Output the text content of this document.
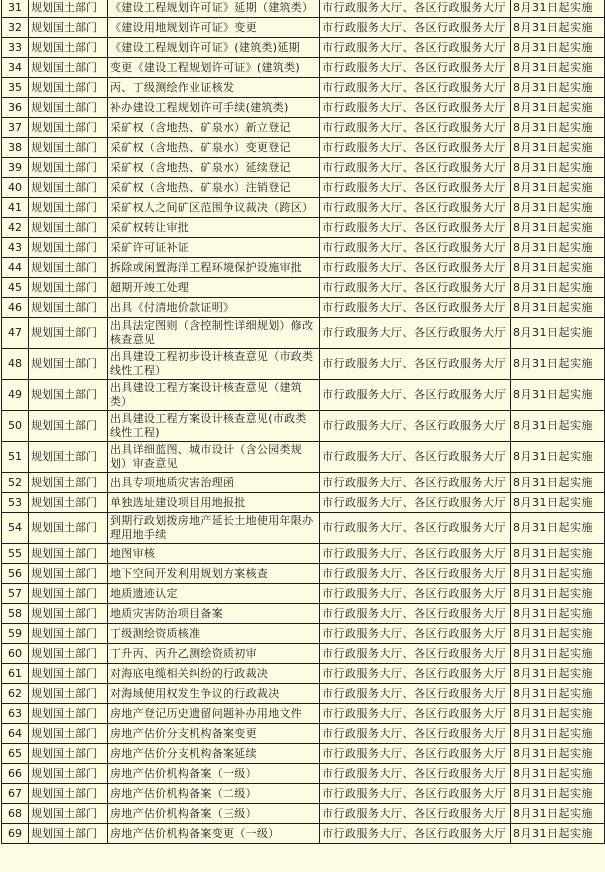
31	规划国土部门	《建设工程规划许可证》延期（建筑类）	市行政服务大厅、各区行政服务大厅	8月31日起实施
32	规划国土部门	《建设用地规划许可证》变更	市行政服务大厅、各区行政服务大厅	8月31日起实施
33	规划国土部门	《建设工程规划许可证》(建筑类)延期	市行政服务大厅、各区行政服务大厅	8月31日起实施
34	规划国土部门	变更《建设工程规划许可证》(建筑类)	市行政服务大厅、各区行政服务大厅	8月31日起实施
35	规划国土部门	丙、丁级测绘作业证核发	市行政服务大厅、各区行政服务大厅	8月31日起实施
36	规划国土部门	补办建设工程规划许可手续(建筑类)	市行政服务大厅、各区行政服务大厅	8月31日起实施
37	规划国土部门	采矿权（含地热、矿泉水）新立登记	市行政服务大厅、各区行政服务大厅	8月31日起实施
38	规划国土部门	采矿权（含地热、矿泉水）变更登记	市行政服务大厅、各区行政服务大厅	8月31日起实施
39	规划国土部门	采矿权（含地热、矿泉水）延续登记	市行政服务大厅、各区行政服务大厅	8月31日起实施
40	规划国土部门	采矿权（含地热、矿泉水）注销登记	市行政服务大厅、各区行政服务大厅	8月31日起实施
41	规划国土部门	采矿权人之间矿区范围争议裁决（跨区）	市行政服务大厅、各区行政服务大厅	8月31日起实施
42	规划国土部门	采矿权转让审批	市行政服务大厅、各区行政服务大厅	8月31日起实施
43	规划国土部门	采矿许可证补证	市行政服务大厅、各区行政服务大厅	8月31日起实施
44	规划国土部门	拆除或闲置海洋工程环境保护设施审批	市行政服务大厅、各区行政服务大厅	8月31日起实施
45	规划国土部门	超期开竣工处理	市行政服务大厅、各区行政服务大厅	8月31日起实施
46	规划国土部门	出具《付清地价款证明》	市行政服务大厅、各区行政服务大厅	8月31日起实施
47	规划国土部门	出具法定图则（含控制性详细规划）修改核查意见	市行政服务大厅、各区行政服务大厅	8月31日起实施
48	规划国土部门	出具建设工程初步设计核查意见（市政类线性工程）	市行政服务大厅、各区行政服务大厅	8月31日起实施
49	规划国土部门	出具建设工程方案设计核查意见（建筑类）	市行政服务大厅、各区行政服务大厅	8月31日起实施
50	规划国土部门	出具建设工程方案设计核查意见(市政类线性工程)	市行政服务大厅、各区行政服务大厅	8月31日起实施
51	规划国土部门	出具详细蓝图、城市设计（含公园类规划）审查意见	市行政服务大厅、各区行政服务大厅	8月31日起实施
52	规划国土部门	出具专项地质灾害治理函	市行政服务大厅、各区行政服务大厅	8月31日起实施
53	规划国土部门	单独选址建设项目用地报批	市行政服务大厅、各区行政服务大厅	8月31日起实施
54	规划国土部门	到期行政划拨房地产延长土地使用年限办理用地手续	市行政服务大厅、各区行政服务大厅	8月31日起实施
55	规划国土部门	地图审核	市行政服务大厅、各区行政服务大厅	8月31日起实施
56	规划国土部门	地下空间开发利用规划方案核查	市行政服务大厅、各区行政服务大厅	8月31日起实施
57	规划国土部门	地质遗迹认定	市行政服务大厅、各区行政服务大厅	8月31日起实施
58	规划国土部门	地质灾害防治项目备案	市行政服务大厅、各区行政服务大厅	8月31日起实施
59	规划国土部门	丁级测绘资质核准	市行政服务大厅、各区行政服务大厅	8月31日起实施
60	规划国土部门	丁升丙、丙升乙测绘资质初审	市行政服务大厅、各区行政服务大厅	8月31日起实施
61	规划国土部门	对海底电缆相关纠纷的行政裁决	市行政服务大厅、各区行政服务大厅	8月31日起实施
62	规划国土部门	对海域使用权发生争议的行政裁决	市行政服务大厅、各区行政服务大厅	8月31日起实施
63	规划国土部门	房地产登记历史遗留问题补办用地文件	市行政服务大厅、各区行政服务大厅	8月31日起实施
64	规划国土部门	房地产估价分支机构备案变更	市行政服务大厅、各区行政服务大厅	8月31日起实施
65	规划国土部门	房地产估价分支机构备案延续	市行政服务大厅、各区行政服务大厅	8月31日起实施
66	规划国土部门	房地产估价机构备案（一级）	市行政服务大厅、各区行政服务大厅	8月31日起实施
67	规划国土部门	房地产估价机构备案（二级）	市行政服务大厅、各区行政服务大厅	8月31日起实施
68	规划国土部门	房地产估价机构备案（三级）	市行政服务大厅、各区行政服务大厅	8月31日起实施
69	规划国土部门	房地产估价机构备案变更（一级）	市行政服务大厅、各区行政服务大厅	8月31日起实施
